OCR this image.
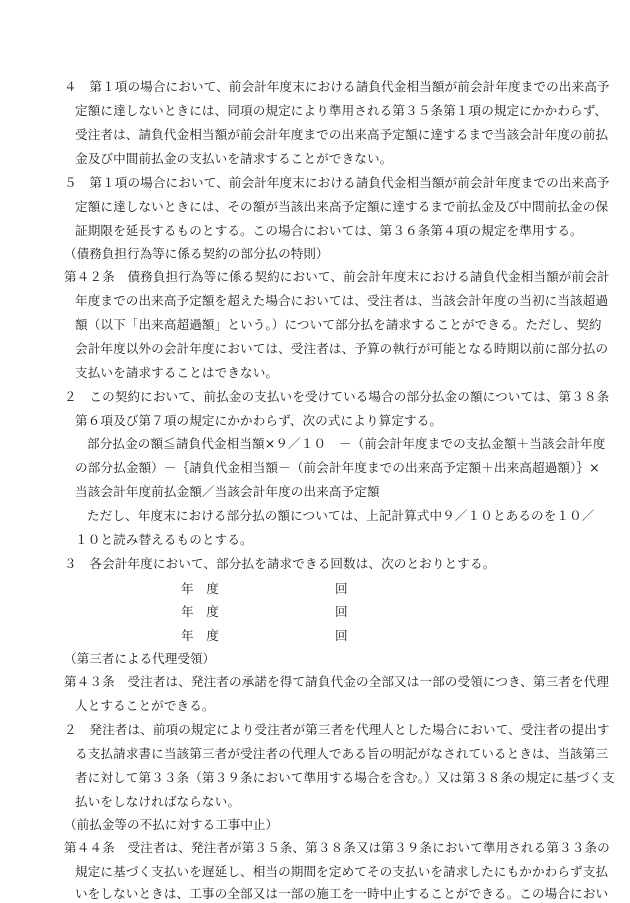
４　第１項の場合において、前会計年度末における請負代金相当額が前会計年度までの出来高予
定額に達しないときには、同項の規定により準用される第３５条第１項の規定にかかわらず、
受注者は、請負代金相当額が前会計年度までの出来高予定額に達するまで当該会計年度の前払
金及び中間前払金の支払いを請求することができない。
５　第１項の場合において、前会計年度末における請負代金相当額が前会計年度までの出来高予
定額に達しないときには、その額が当該出来高予定額に達するまで前払金及び中間前払金の保
証期限を延長するものとする。この場合においては、第３６条第４項の規定を準用する。
（債務負担行為等に係る契約の部分払の特則）
第４２条　債務負担行為等に係る契約において、前会計年度末における請負代金相当額が前会計
年度までの出来高予定額を超えた場合においては、受注者は、当該会計年度の当初に当該超過
額（以下「出来高超過額」という。）について部分払を請求することができる。ただし、契約
会計年度以外の会計年度においては、受注者は、予算の執行が可能となる時期以前に部分払の
支払いを請求することはできない。
２　この契約において、前払金の支払いを受けている場合の部分払金の額については、第３８条
第６項及び第７項の規定にかかわらず、次の式により算定する。
部分払金の額≦請負代金相当額×９／１０　－（前会計年度までの支払金額＋当該会計年度
の部分払金額）－｛請負代金相当額－（前会計年度までの出来高予定額＋出来高超過額）｝×
当該会計年度前払金額／当該会計年度の出来高予定額
ただし、年度末における部分払の額については、上記計算式中９／１０とあるのを１０／
１０と読み替えるものとする。
３　各会計年度において、部分払を請求できる回数は、次のとおりとする。
年　度	回
年　度	回
年　度	回
（第三者による代理受領）
第４３条　受注者は、発注者の承諾を得て請負代金の全部又は一部の受領につき、第三者を代理
人とすることができる。
２　発注者は、前項の規定により受注者が第三者を代理人とした場合において、受注者の提出す
る支払請求書に当該第三者が受注者の代理人である旨の明記がなされているときは、当該第三
者に対して第３３条（第３９条において準用する場合を含む。）又は第３８条の規定に基づく支
払いをしなければならない。
（前払金等の不払に対する工事中止）
第４４条　受注者は、発注者が第３５条、第３８条又は第３９条において準用される第３３条の
規定に基づく支払いを遅延し、相当の期間を定めてその支払いを請求したにもかかわらず支払
いをしないときは、工事の全部又は一部の施工を一時中止することができる。この場合におい
